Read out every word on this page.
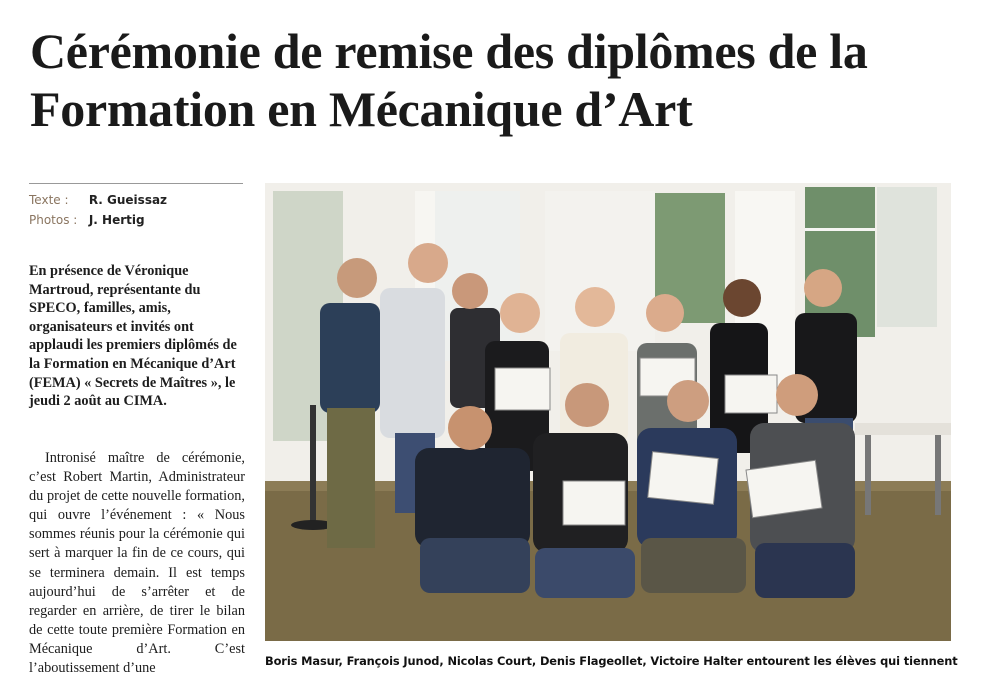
Cérémonie de remise des diplômes de la Formation en Mécanique d’Art
Texte : R. Gueissaz
Photos : J. Hertig

En présence de Véronique Martroud, représentante du SPECO, familles, amis, organisateurs et invités ont applaudi les premiers diplômés de la Formation en Mécanique d’Art (FEMA) « Secrets de Maîtres », le jeudi 2 août au CIMA.

Intronisé maître de cérémonie, c’est Robert Martin, Administrateur du projet de cette nouvelle formation, qui ouvre l’événement : « Nous sommes réunis pour la cérémonie qui sert à marquer la fin de ce cours, qui se terminera demain. Il est temps aujourd’hui de s’arrêter et de regarder en arrière, de tirer le bilan de cette toute première Formation en Mécanique d’Art. C’est l’aboutissement d’une	Boris Masur, François Junod, Nicolas Court, Denis Flageollet, Victoire Halter entourent les élèves qui tiennent
